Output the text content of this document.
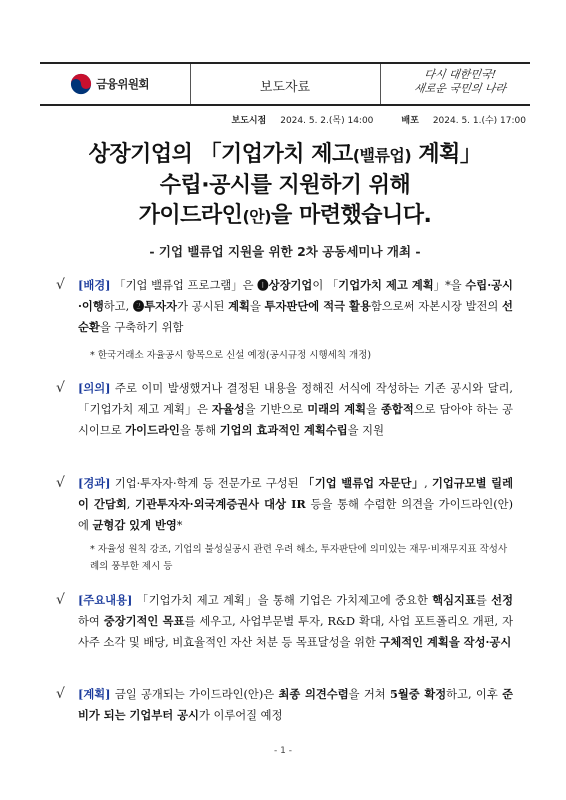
금융위원회	보도자료
다시 대한민국!
새로운 국민의 나라
보도시점 2024. 5. 2.(목) 14:00	배포 2024. 5. 1.(수) 17:00
상장기업의 「기업가치 제고(밸류업) 계획」
수립·공시를 지원하기 위해
가이드라인(안)을 마련했습니다.
- 기업 밸류업 지원을 위한 2차 공동세미나 개최 -
√ [배경] 「기업 밸류업 프로그램」은 ❶상장기업이 「기업가치 제고 계획」*을 수립·공시·이행하고, ❷투자자가 공시된 계획을 투자판단에 적극 활용함으로써 자본시장 발전의 선순환을 구축하기 위함
* 한국거래소 자율공시 항목으로 신설 예정(공시규정 시행세칙 개정)
√ [의의] 주로 이미 발생했거나 결정된 내용을 정해진 서식에 작성하는 기존 공시와 달리, 「기업가치 제고 계획」은 자율성을 기반으로 미래의 계획을 종합적으로 담아야 하는 공시이므로 가이드라인을 통해 기업의 효과적인 계획수립을 지원
√ [경과] 기업·투자자·학계 등 전문가로 구성된 「기업 밸류업 자문단」, 기업규모별 릴레이 간담회, 기관투자자·외국계증권사 대상 IR 등을 통해 수렴한 의견을 가이드라인(안)에 균형감 있게 반영*
* 자율성 원칙 강조, 기업의 불성실공시 관련 우려 해소, 투자판단에 의미있는 재무·비재무지표 작성사례의 풍부한 제시 등
√ [주요내용] 「기업가치 제고 계획」을 통해 기업은 가치제고에 중요한 핵심지표를 선정하여 중장기적인 목표를 세우고, 사업부문별 투자, R&D 확대, 사업 포트폴리오 개편, 자사주 소각 및 배당, 비효율적인 자산 처분 등 목표달성을 위한 구체적인 계획을 작성·공시
√ [계획] 금일 공개되는 가이드라인(안)은 최종 의견수렴을 거쳐 5월중 확정하고, 이후 준비가 되는 기업부터 공시가 이루어질 예정
- 1 -
